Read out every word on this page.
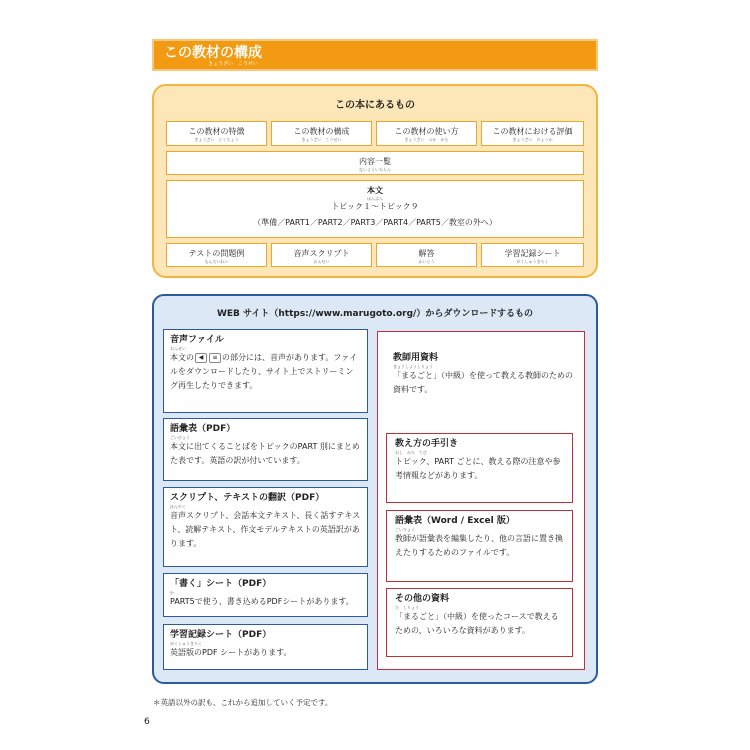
この教材の構成
きょうざい　こうせい
この本にあるもの
この教材の特徴
きょうざい　とくちょう
この教材の構成
きょうざい　こうせい
この教材の使い方
きょうざい　つか　かた
この教材における評価
きょうざい　ひょうか
内容一覧
ないよういちらん
本文
ほんぶん
トピック１～トピック９
（準備／PART1／PART2／PART3／PART4／PART5／教室の外へ）
テストの問題例
もんだいれい
音声スクリプト
おんせい
解答
かいとう
学習記録シート
がくしゅうきろく
WEB サイト（https://www.marugoto.org/）からダウンロードするもの
音声ファイル
おんせい
本文の ◀ ≡ の部分には、音声があります。ファイルをダウンロードしたり、サイト上でストリーミング再生したりできます。
語彙表（PDF）
ごいひょう
本文に出てくることばをトピックのPART 別にまとめた表です。英語の訳が付いています。
スクリプト、テキストの翻訳（PDF）
ほんやく
音声スクリプト、会話本文テキスト、長く話すテキスト、読解テキスト、作文モデルテキストの英語訳があります。
「書く」シート（PDF）
か
PART5で使う、書き込めるPDFシートがあります。
学習記録シート（PDF）
がくしゅうきろく
英語版のPDF シートがあります。
教師用資料
きょうしようしりょう
「まるごと」（中級）を使って教える教師のための資料です。
教え方の手引き
おし　かた　てび
トピック、PART ごとに、教える際の注意や参考情報などがあります。
語彙表（Word / Excel 版）
ごいひょう
教師が語彙表を編集したり、他の言語に置き換えたりするためのファイルです。
その他の資料
た　しりょう
「まるごと」（中級）を使ったコースで教えるための、いろいろな資料があります。
＊英語以外の訳も、これから追加していく予定です。
6
